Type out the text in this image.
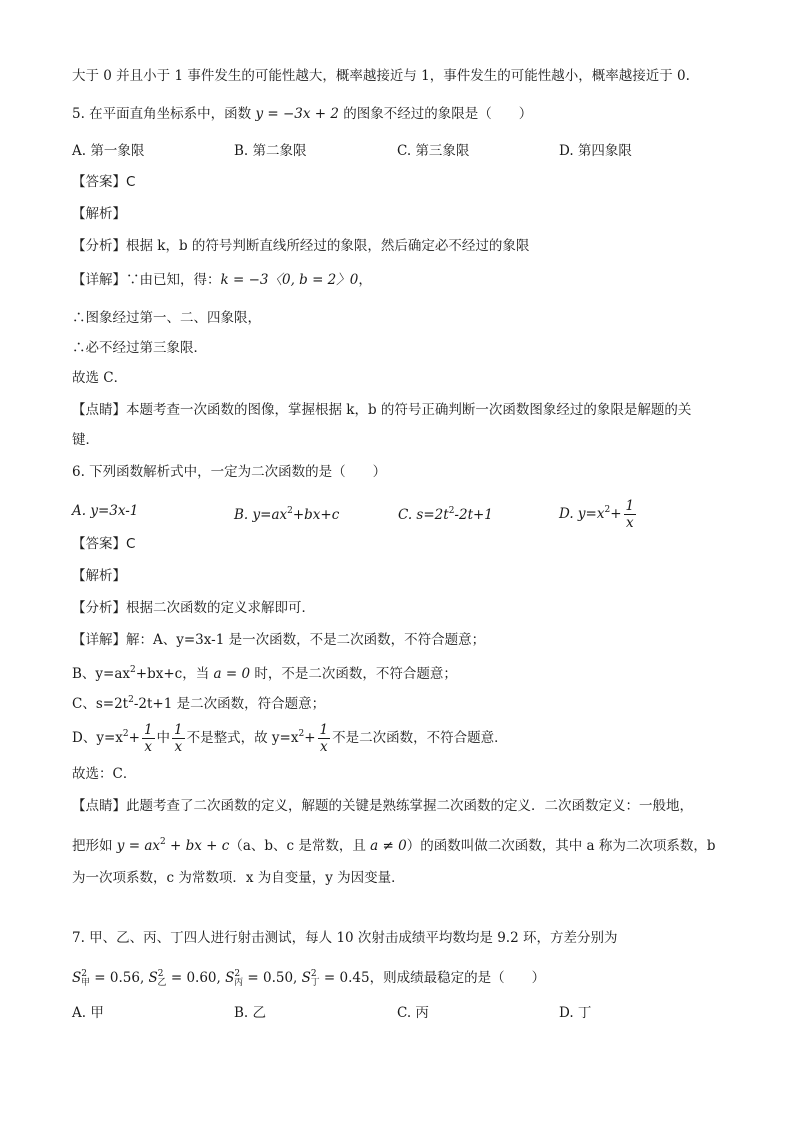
大于 0 并且小于 1 事件发生的可能性越大，概率越接近与 1，事件发生的可能性越小，概率越接近于 0.
5. 在平面直角坐标系中，函数 y = −3x + 2 的图象不经过的象限是（　　）
A. 第一象限	B. 第二象限	C. 第三象限	D. 第四象限
【答案】C
【解析】
【分析】根据 k，b 的符号判断直线所经过的象限，然后确定必不经过的象限
【详解】∵由已知，得：k = −3〈0, b = 2〉0，
∴图象经过第一、二、四象限，
∴必不经过第三象限．
故选 C．
【点睛】本题考查一次函数的图像，掌握根据 k，b 的符号正确判断一次函数图象经过的象限是解题的关
键．
6. 下列函数解析式中，一定为二次函数的是（　　）
A. y=3x-1	B. $y=ax^2+bx+c$	C. $s=2t^2-2t+1$	D. $y=x^2+ \frac{1}{x}$
【答案】C
【解析】
【分析】根据二次函数的定义求解即可．
【详解】解：A、y=3x-1 是一次函数，不是二次函数，不符合题意；
B、$y=ax^2+bx+c$，当 a = 0 时，不是二次函数，不符合题意；
C、$s=2t^2-2t+1$ 是二次函数，符合题意；
D、$y=x^2+ \frac{1}{x}$ 中 $\frac{1}{x}$ 不是整式，故 $y=x^2+ \frac{1}{x}$ 不是二次函数，不符合题意．
故选：C．
【点睛】此题考查了二次函数的定义，解题的关键是熟练掌握二次函数的定义．二次函数定义：一般地，
把形如 $y = ax^2$ + bx + c（a、b、c 是常数，且 a ≠ 0）的函数叫做二次函数，其中 a 称为二次项系数，b
为一次项系数，c 为常数项．x 为自变量，y 为因变量．
7. 甲、乙、丙、丁四人进行射击测试，每人 10 次射击成绩平均数均是 9.2 环，方差分别为
$S^2_甲 = 0.56$, $S^2_乙 = 0.60$, $S^2_丙 = 0.50$, $S^2_丁 = 0.45$，则成绩最稳定的是（　　）
A. 甲	B. 乙	C. 丙	D. 丁
